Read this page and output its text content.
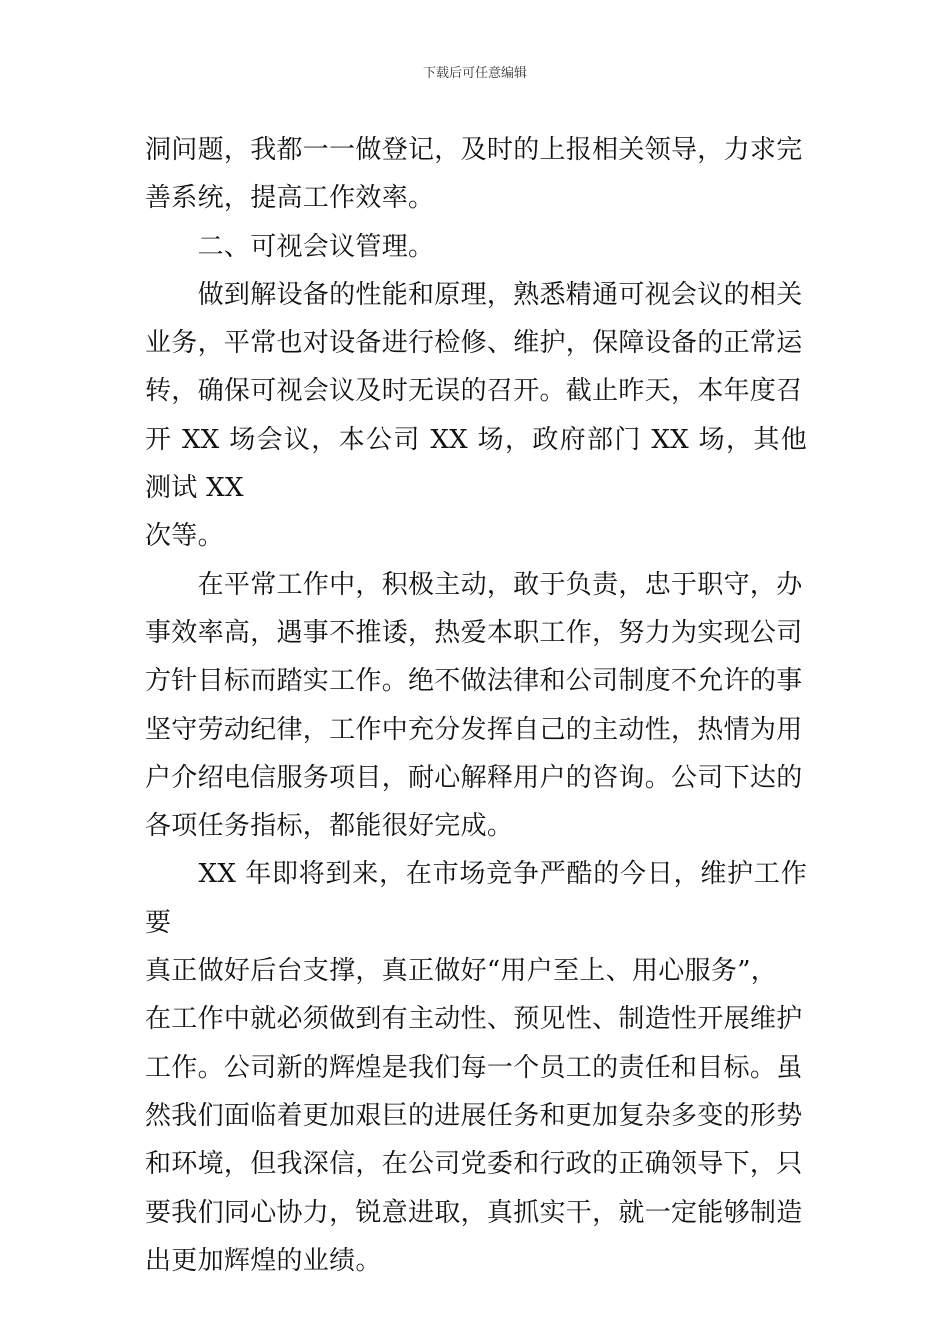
下载后可任意编辑

洞问题，我都一一做登记，及时的上报相关领导，力求完
善系统，提高工作效率。

　　二、可视会议管理。

　　做到解设备的性能和原理，熟悉精通可视会议的相关
业务，平常也对设备进行检修、维护，保障设备的正常运
转，确保可视会议及时无误的召开。截止昨天，本年度召
开 XX 场会议，本公司 XX 场，政府部门 XX 场，其他测试 XX
次等。

　　在平常工作中，积极主动，敢于负责，忠于职守，办
事效率高，遇事不推诿，热爱本职工作，努力为实现公司
方针目标而踏实工作。绝不做法律和公司制度不允许的事
坚守劳动纪律，工作中充分发挥自己的主动性，热情为用
户介绍电信服务项目，耐心解释用户的咨询。公司下达的
各项任务指标，都能很好完成。

　　XX 年即将到来，在市场竞争严酷的今日，维护工作要
真正做好后台支撑，真正做好“用户至上、用心服务”，
在工作中就必须做到有主动性、预见性、制造性开展维护
工作。公司新的辉煌是我们每一个员工的责任和目标。虽
然我们面临着更加艰巨的进展任务和更加复杂多变的形势
和环境，但我深信，在公司党委和行政的正确领导下，只
要我们同心协力，锐意进取，真抓实干，就一定能够制造
出更加辉煌的业绩。
